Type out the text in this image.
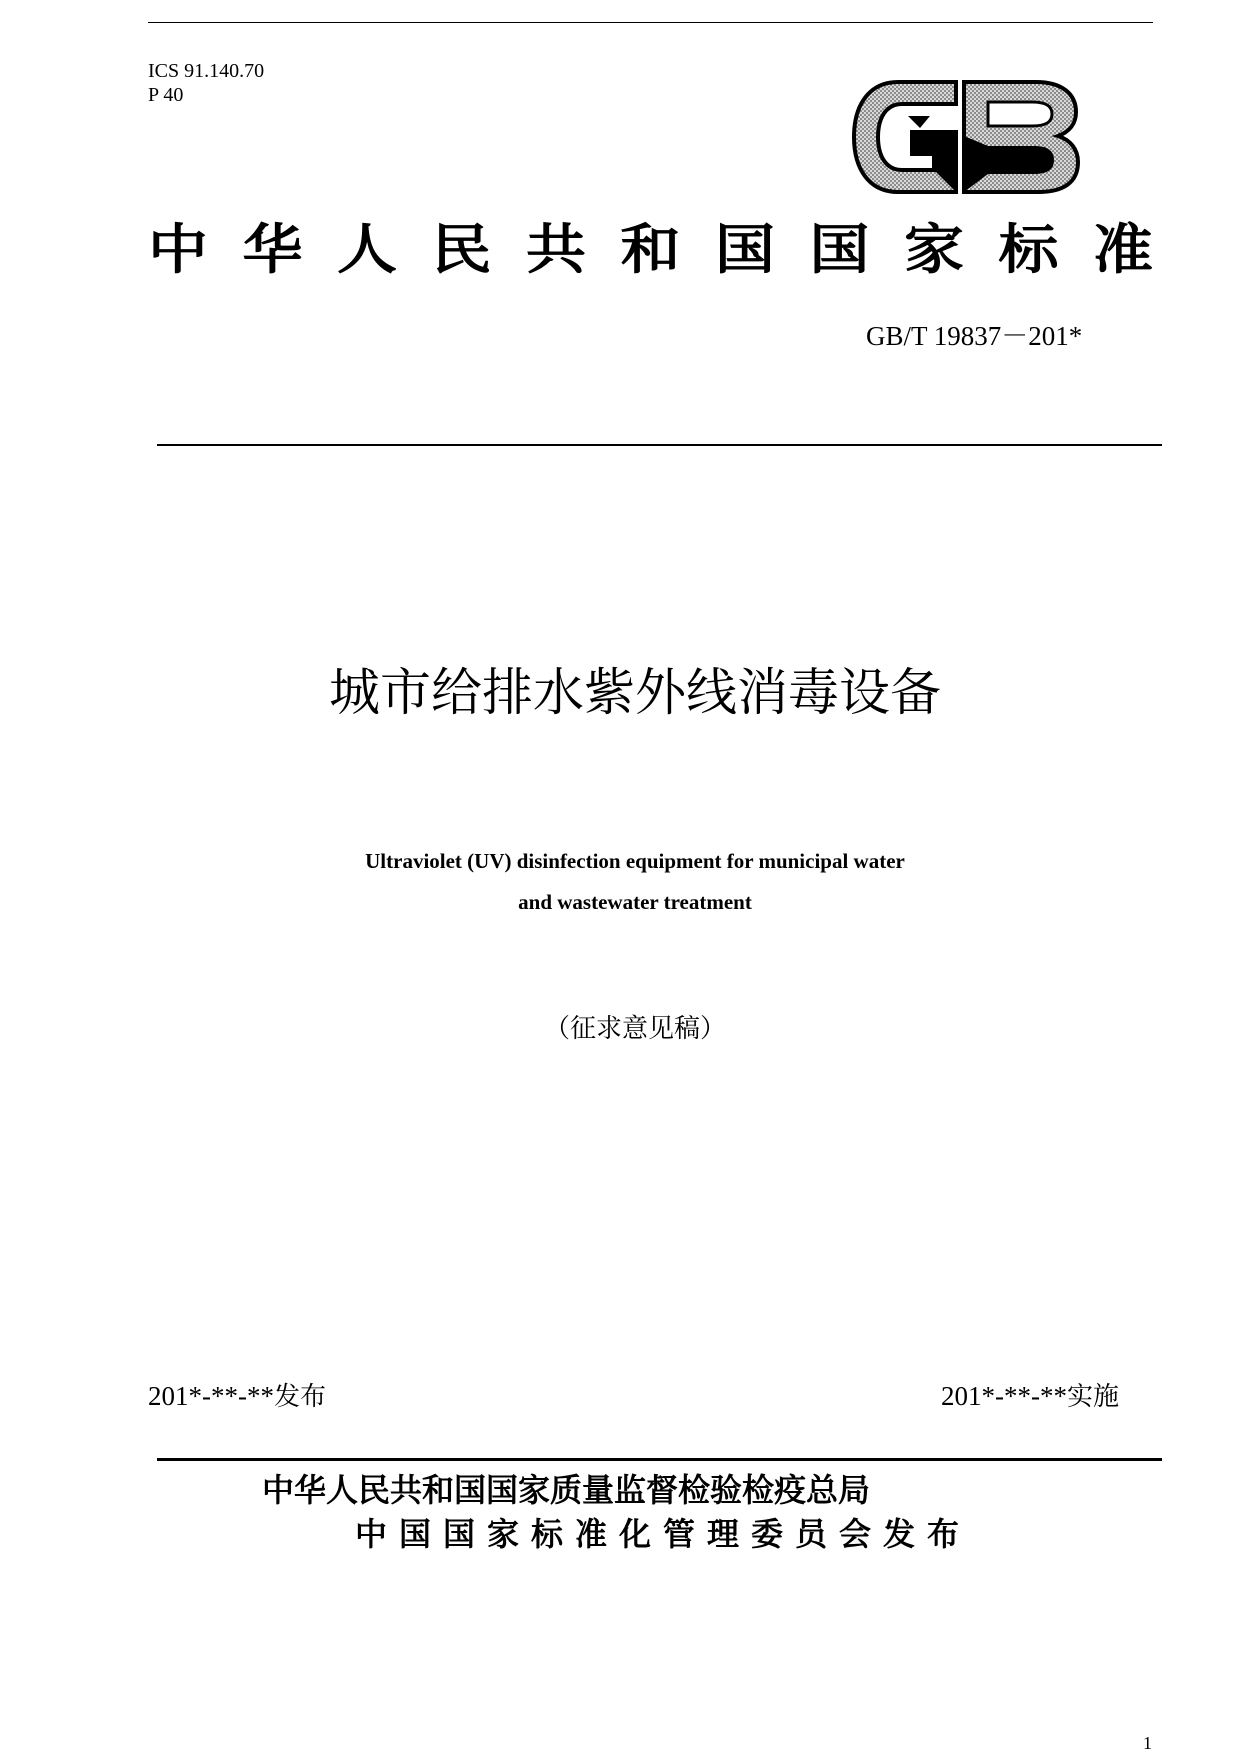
ICS 91.140.70
P 40
中 华 人 民 共 和 国 国 家 标 准
GB/T 19837－201*
城市给排水紫外线消毒设备
Ultraviolet (UV) disinfection equipment for municipal water
and wastewater treatment
（征求意见稿）
201*-**-**发布	201*-**-**实施
中华人民共和国国家质量监督检验检疫总局
中国国家标准化管理委员会发布
1
